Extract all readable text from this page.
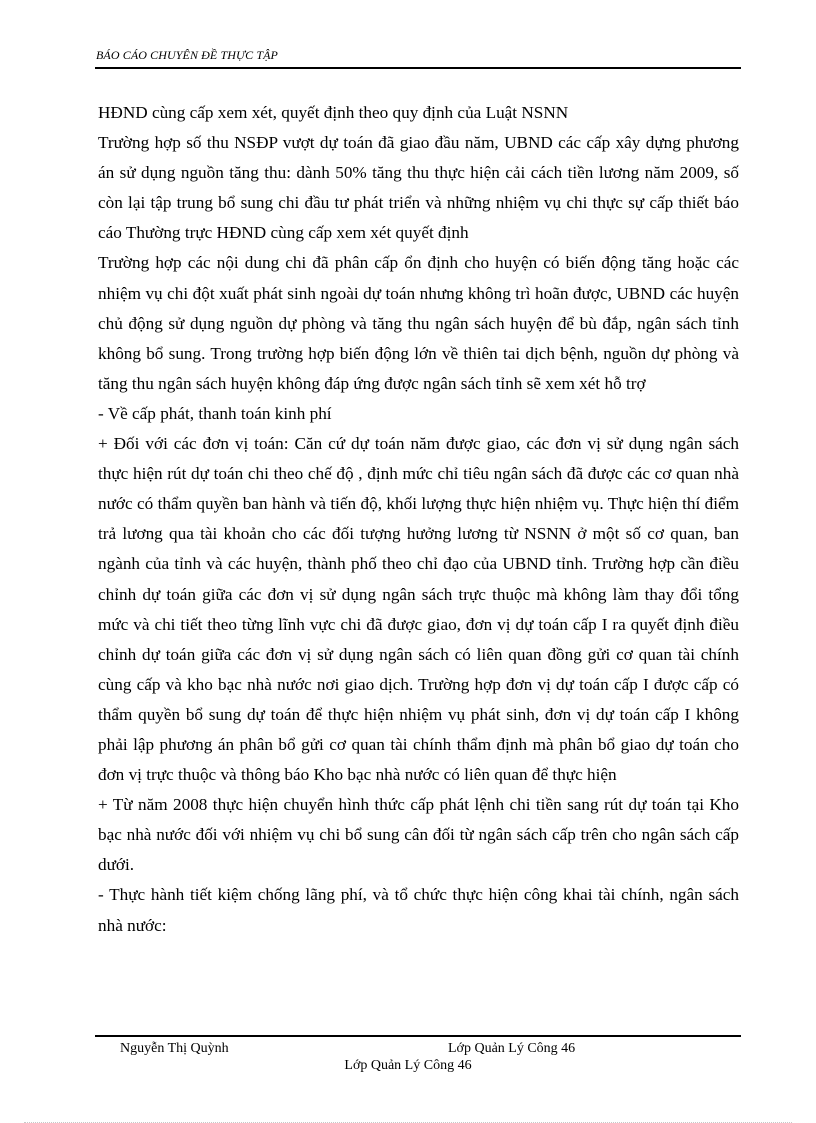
BÁO CÁO CHUYÊN ĐỀ THỰC TẬP

HĐND cùng cấp xem xét, quyết định theo quy định của Luật NSNN

Trường hợp số thu NSĐP vượt dự toán đã giao đầu năm, UBND các cấp xây dựng phương án sử dụng nguồn tăng thu: dành 50% tăng thu thực hiện cải cách tiền lương năm 2009, số còn lại tập trung bổ sung chi đầu tư phát triển và những nhiệm vụ chi thực sự cấp thiết báo cáo Thường trực HĐND cùng cấp xem xét quyết định

Trường hợp các nội dung chi đã phân cấp ổn định cho huyện có biến động tăng hoặc các nhiệm vụ chi đột xuất phát sinh ngoài dự toán nhưng không trì hoãn được, UBND các huyện chủ động sử dụng nguồn dự phòng và tăng thu ngân sách huyện để bù đắp, ngân sách tỉnh không bổ sung. Trong trường hợp biến động lớn về thiên tai dịch bệnh, nguồn dự phòng và tăng thu ngân sách huyện không đáp ứng được ngân sách tỉnh sẽ xem xét hỗ trợ

- Về cấp phát, thanh toán kinh phí

+ Đối với các đơn vị toán: Căn cứ dự toán năm được giao, các đơn vị sử dụng ngân sách thực hiện rút dự toán chi theo chế độ , định mức chỉ tiêu ngân sách đã được các cơ quan nhà nước có thẩm quyền ban hành và tiến độ, khối lượng thực hiện nhiệm vụ. Thực hiện thí điểm trả lương qua tài khoản cho các đối tượng hưởng lương từ NSNN ở một số cơ quan, ban ngành của tỉnh và các huyện, thành phố theo chỉ đạo của UBND tỉnh. Trường hợp cần điều chỉnh dự toán giữa các đơn vị sử dụng ngân sách trực thuộc mà không làm thay đổi tổng mức và chi tiết theo từng lĩnh vực chi đã được giao, đơn vị dự toán cấp I ra quyết định điều chỉnh dự toán giữa các đơn vị sử dụng ngân sách có liên quan đồng gửi cơ quan tài chính cùng cấp và kho bạc nhà nước nơi giao dịch. Trường hợp đơn vị dự toán cấp I được cấp có thẩm quyền bổ sung dự toán để thực hiện nhiệm vụ phát sinh, đơn vị dự toán cấp I không phải lập phương án phân bổ gửi cơ quan tài chính thẩm định mà phân bổ giao dự toán cho đơn vị trực thuộc và thông báo Kho bạc nhà nước có liên quan để thực hiện

+ Từ năm 2008 thực hiện chuyển hình thức cấp phát lệnh chi tiền sang rút dự toán tại Kho bạc nhà nước đối với nhiệm vụ chi bổ sung cân đối từ ngân sách cấp trên cho ngân sách cấp dưới.

- Thực hành tiết kiệm chống lãng phí, và tổ chức thực hiện công khai tài chính, ngân sách nhà nước:

Nguyễn Thị Quỳnh	Lớp Quản Lý Công 46
Lớp Quản Lý Công 46
